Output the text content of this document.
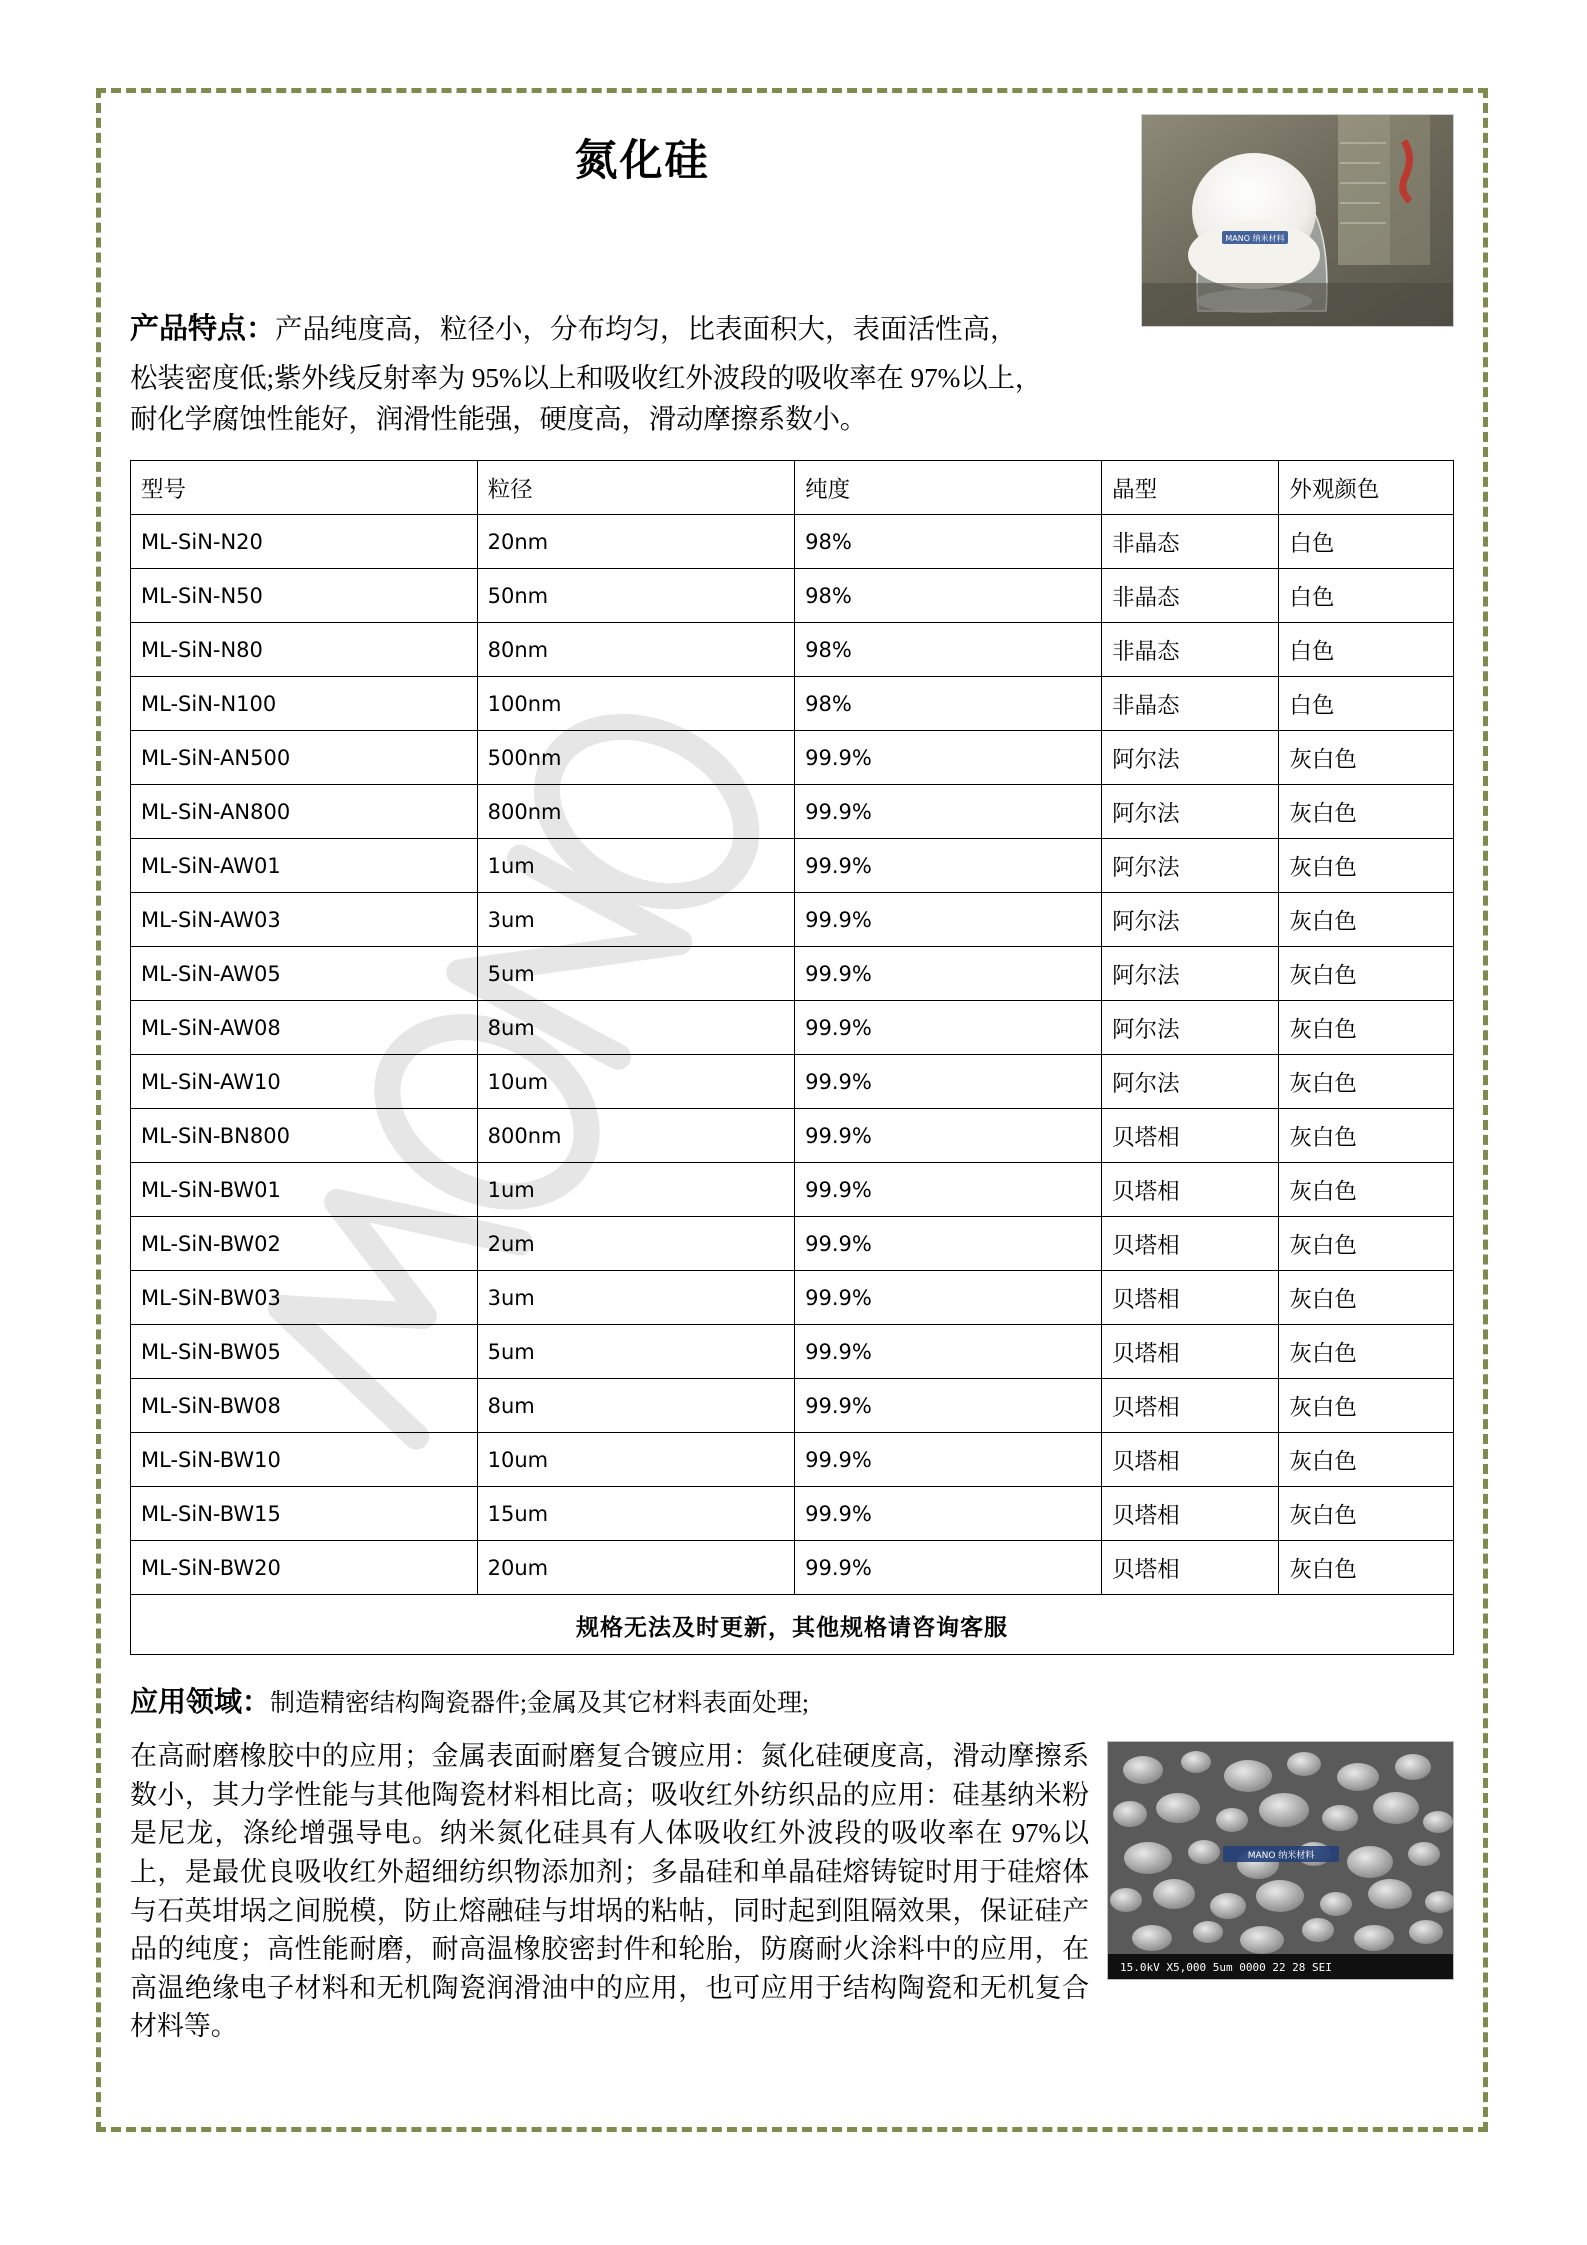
氮化硅
MANO 纳米材料
产品特点：产品纯度高，粒径小，分布均匀，比表面积大，表面活性高，
松装密度低;紫外线反射率为 95%以上和吸收红外波段的吸收率在 97%以上，
耐化学腐蚀性能好，润滑性能强，硬度高，滑动摩擦系数小。
型号	粒径	纯度	晶型	外观颜色
ML-SiN-N20	20nm	98%	非晶态	白色
ML-SiN-N50	50nm	98%	非晶态	白色
ML-SiN-N80	80nm	98%	非晶态	白色
ML-SiN-N100	100nm	98%	非晶态	白色
ML-SiN-AN500	500nm	99.9%	阿尔法	灰白色
ML-SiN-AN800	800nm	99.9%	阿尔法	灰白色
ML-SiN-AW01	1um	99.9%	阿尔法	灰白色
ML-SiN-AW03	3um	99.9%	阿尔法	灰白色
ML-SiN-AW05	5um	99.9%	阿尔法	灰白色
ML-SiN-AW08	8um	99.9%	阿尔法	灰白色
ML-SiN-AW10	10um	99.9%	阿尔法	灰白色
ML-SiN-BN800	800nm	99.9%	贝塔相	灰白色
ML-SiN-BW01	1um	99.9%	贝塔相	灰白色
ML-SiN-BW02	2um	99.9%	贝塔相	灰白色
ML-SiN-BW03	3um	99.9%	贝塔相	灰白色
ML-SiN-BW05	5um	99.9%	贝塔相	灰白色
ML-SiN-BW08	8um	99.9%	贝塔相	灰白色
ML-SiN-BW10	10um	99.9%	贝塔相	灰白色
ML-SiN-BW15	15um	99.9%	贝塔相	灰白色
ML-SiN-BW20	20um	99.9%	贝塔相	灰白色
规格无法及时更新，其他规格请咨询客服				
应用领域：制造精密结构陶瓷器件;金属及其它材料表面处理;
MANO 纳米材料
15.0kV X5,000 5um 0000 22 28 SEI
在高耐磨橡胶中的应用；金属表面耐磨复合镀应用：氮化硅硬度高，滑动摩擦系数小，其力学性能与其他陶瓷材料相比高；吸收红外纺织品的应用：硅基纳米粉是尼龙，涤纶增强导电。纳米氮化硅具有人体吸收红外波段的吸收率在 97%以上，是最优良吸收红外超细纺织物添加剂；多晶硅和单晶硅熔铸锭时用于硅熔体与石英坩埚之间脱模，防止熔融硅与坩埚的粘帖，同时起到阻隔效果，保证硅产品的纯度；高性能耐磨，耐高温橡胶密封件和轮胎，防腐耐火涂料中的应用，在高温绝缘电子材料和无机陶瓷润滑油中的应用，也可应用于结构陶瓷和无机复合材料等。
